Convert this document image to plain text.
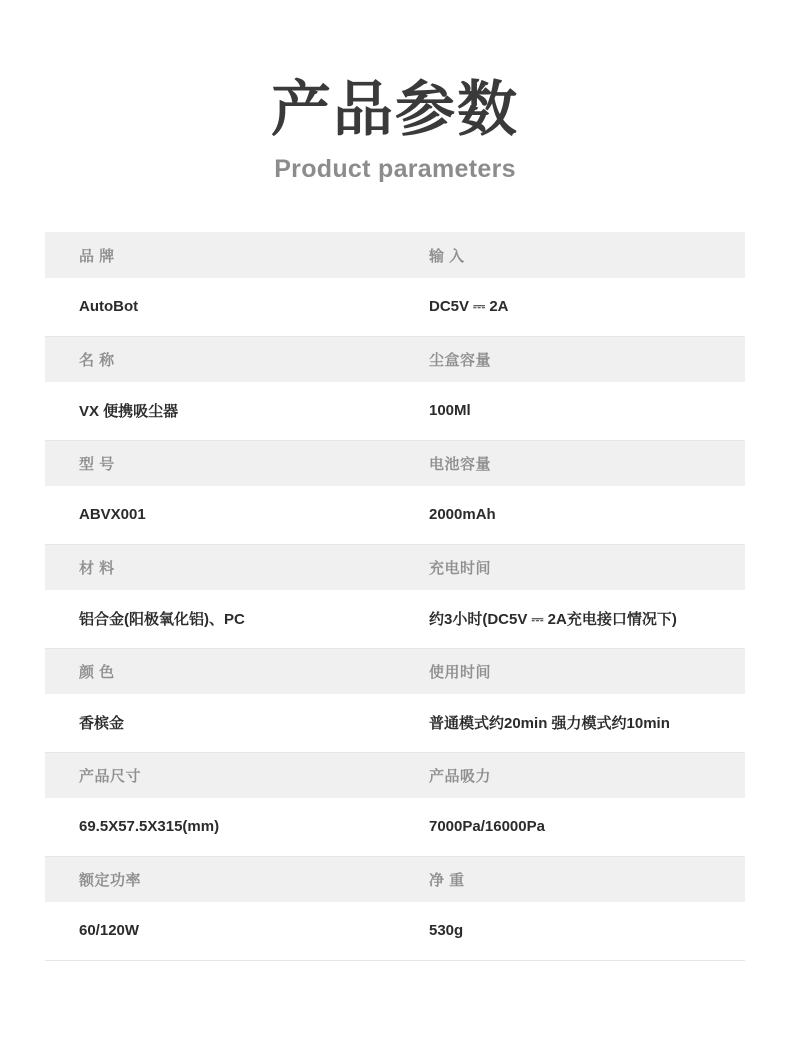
产品参数

Product parameters

品 牌	输 入
AutoBot	DC5V ⎓ 2A
名 称	尘盒容量
VX 便携吸尘器	100Ml
型 号	电池容量
ABVX001	2000mAh
材 料	充电时间
铝合金(阳极氧化铝)、PC	约3小时(DC5V ⎓ 2A充电接口情况下)
颜 色	使用时间
香槟金	普通模式约20min 强力模式约10min
产品尺寸	产品吸力
69.5X57.5X315(mm)	7000Pa/16000Pa
额定功率	净 重
60/120W	530g
